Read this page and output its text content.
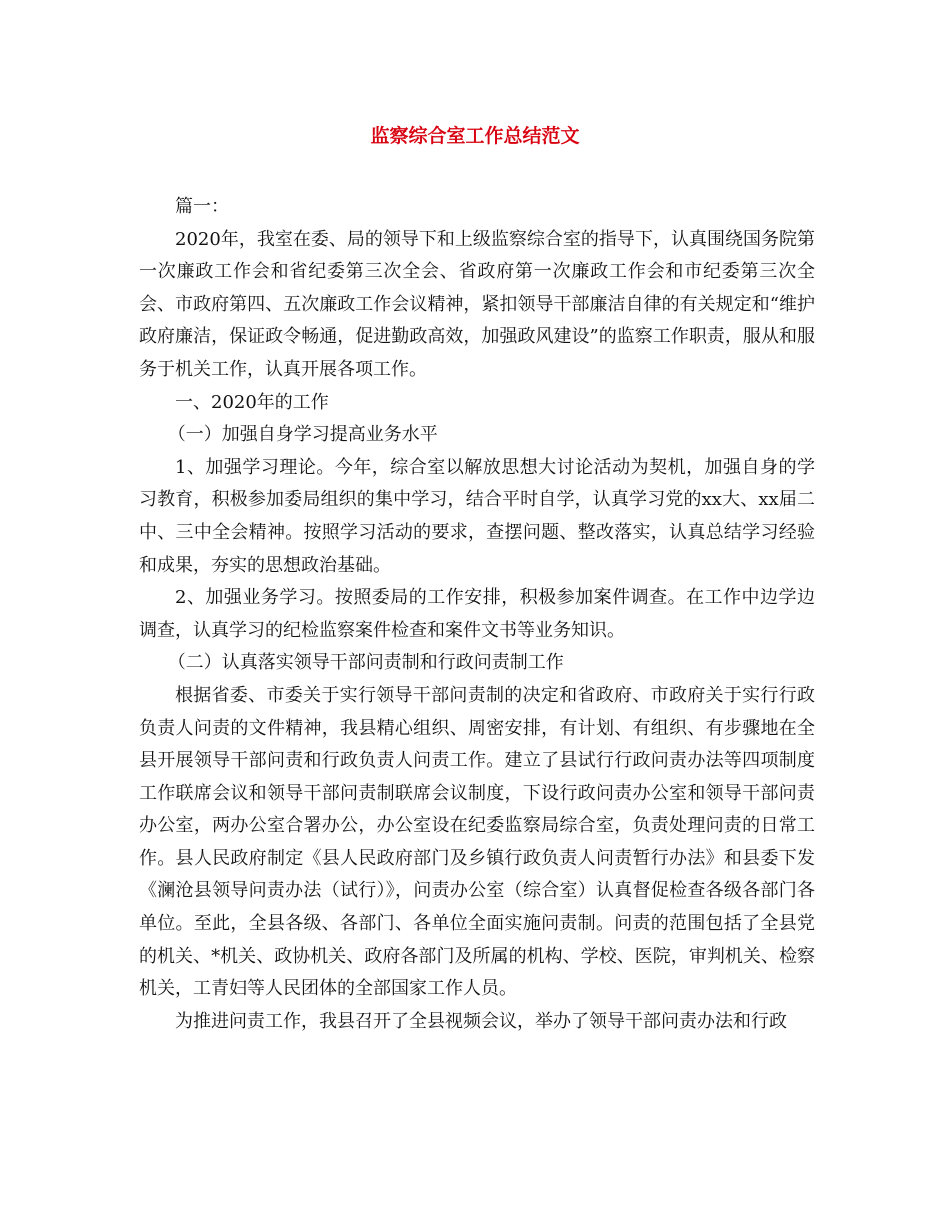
监察综合室工作总结范文

篇一：

2020年，我室在委、局的领导下和上级监察综合室的指导下，认真围绕国务院第一次廉政工作会和省纪委第三次全会、省政府第一次廉政工作会和市纪委第三次全会、市政府第四、五次廉政工作会议精神，紧扣领导干部廉洁自律的有关规定和“维护政府廉洁，保证政令畅通，促进勤政高效，加强政风建设”的监察工作职责，服从和服务于机关工作，认真开展各项工作。

一、2020年的工作

（一）加强自身学习提高业务水平

1、加强学习理论。今年，综合室以解放思想大讨论活动为契机，加强自身的学习教育，积极参加委局组织的集中学习，结合平时自学，认真学习党的xx大、xx届二中、三中全会精神。按照学习活动的要求，查摆问题、整改落实，认真总结学习经验和成果，夯实的思想政治基础。

2、加强业务学习。按照委局的工作安排，积极参加案件调查。在工作中边学边调查，认真学习的纪检监察案件检查和案件文书等业务知识。

（二）认真落实领导干部问责制和行政问责制工作

根据省委、市委关于实行领导干部问责制的决定和省政府、市政府关于实行行政负责人问责的文件精神，我县精心组织、周密安排，有计划、有组织、有步骤地在全县开展领导干部问责和行政负责人问责工作。建立了县试行行政问责办法等四项制度工作联席会议和领导干部问责制联席会议制度，下设行政问责办公室和领导干部问责办公室，两办公室合署办公，办公室设在纪委监察局综合室，负责处理问责的日常工作。县人民政府制定《县人民政府部门及乡镇行政负责人问责暂行办法》和县委下发《澜沧县领导问责办法（试行）》，问责办公室（综合室）认真督促检查各级各部门各单位。至此，全县各级、各部门、各单位全面实施问责制。问责的范围包括了全县党的机关、*机关、政协机关、政府各部门及所属的机构、学校、医院，审判机关、检察机关，工青妇等人民团体的全部国家工作人员。

为推进问责工作，我县召开了全县视频会议，举办了领导干部问责办法和行政
